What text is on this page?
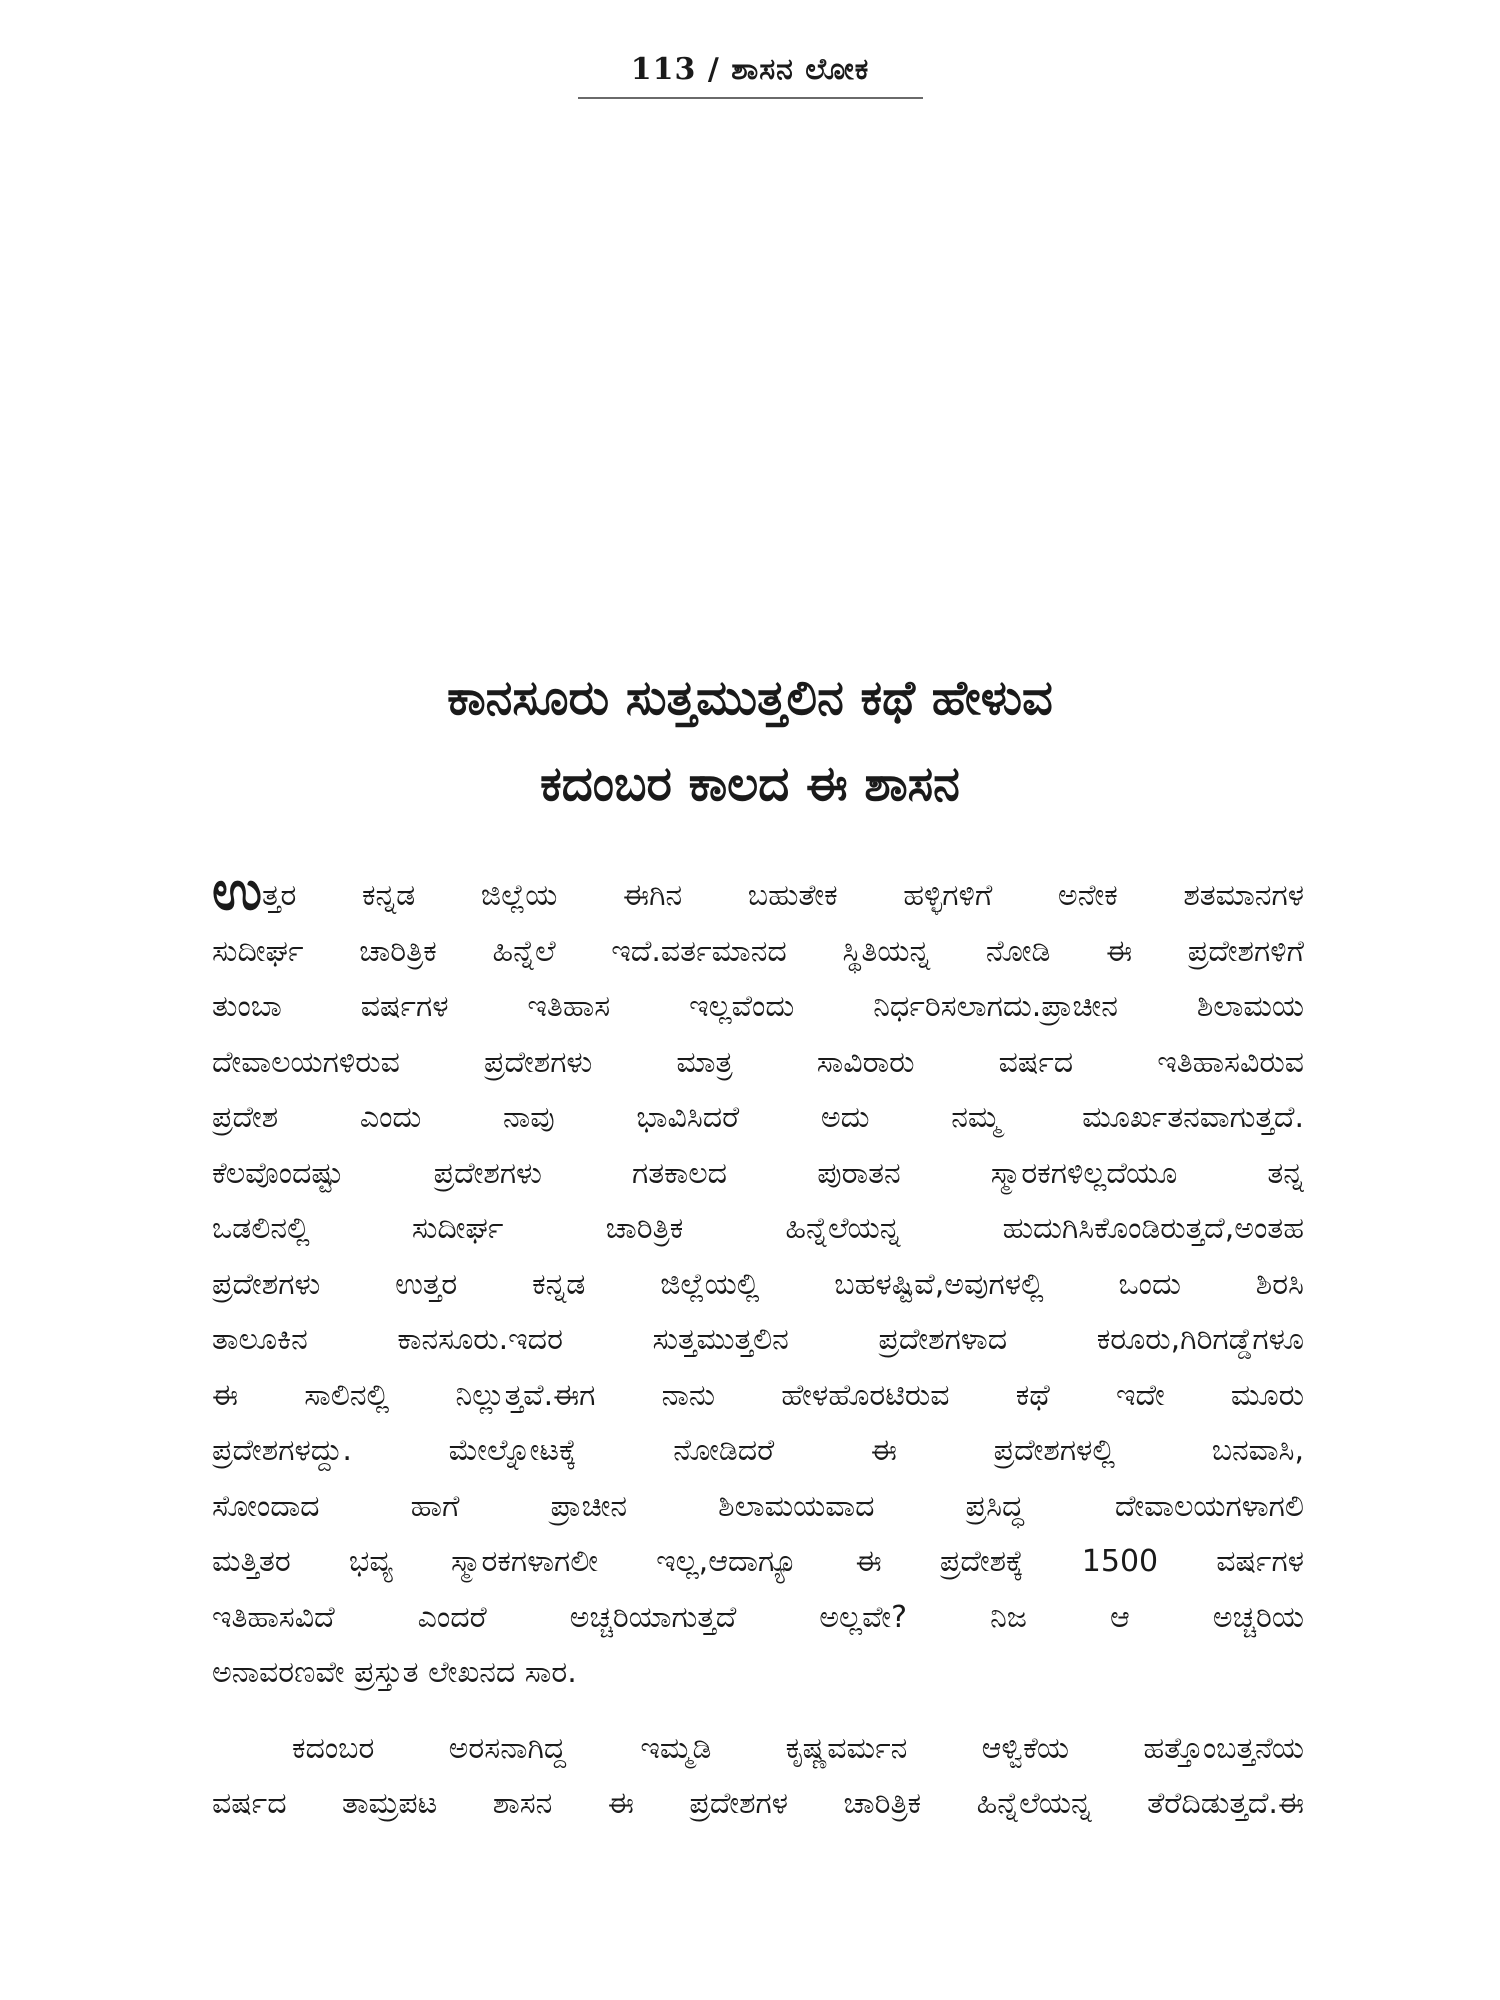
113 / ಶಾಸನ ಲೋಕ
ಕಾನಸೂರು ಸುತ್ತಮುತ್ತಲಿನ ಕಥೆ ಹೇಳುವ
ಕದಂಬರ ಕಾಲದ ಈ ಶಾಸನ
ಉತ್ತರ ಕನ್ನಡ ಜಿಲ್ಲೆಯ ಈಗಿನ ಬಹುತೇಕ ಹಳ್ಳಿಗಳಿಗೆ ಅನೇಕ ಶತಮಾನಗಳ
ಸುದೀರ್ಘ ಚಾರಿತ್ರಿಕ ಹಿನ್ನೆಲೆ ಇದೆ.ವರ್ತಮಾನದ ಸ್ಥಿತಿಯನ್ನ ನೋಡಿ ಈ ಪ್ರದೇಶಗಳಿಗೆ
ತುಂಬಾ ವರ್ಷಗಳ ಇತಿಹಾಸ ಇಲ್ಲವೆಂದು ನಿರ್ಧರಿಸಲಾಗದು.ಪ್ರಾಚೀನ ಶಿಲಾಮಯ
ದೇವಾಲಯಗಳಿರುವ ಪ್ರದೇಶಗಳು ಮಾತ್ರ ಸಾವಿರಾರು ವರ್ಷದ ಇತಿಹಾಸವಿರುವ
ಪ್ರದೇಶ ಎಂದು ನಾವು ಭಾವಿಸಿದರೆ ಅದು ನಮ್ಮ ಮೂರ್ಖತನವಾಗುತ್ತದೆ.
ಕೆಲವೊಂದಷ್ಟು ಪ್ರದೇಶಗಳು ಗತಕಾಲದ ಪುರಾತನ ಸ್ಮಾರಕಗಳಿಲ್ಲದೆಯೂ ತನ್ನ
ಒಡಲಿನಲ್ಲಿ ಸುದೀರ್ಘ ಚಾರಿತ್ರಿಕ ಹಿನ್ನೆಲೆಯನ್ನ ಹುದುಗಿಸಿಕೊಂಡಿರುತ್ತದೆ,ಅಂತಹ
ಪ್ರದೇಶಗಳು ಉತ್ತರ ಕನ್ನಡ ಜಿಲ್ಲೆಯಲ್ಲಿ ಬಹಳಷ್ಟಿವೆ,ಅವುಗಳಲ್ಲಿ ಒಂದು ಶಿರಸಿ
ತಾಲೂಕಿನ ಕಾನಸೂರು.ಇದರ ಸುತ್ತಮುತ್ತಲಿನ ಪ್ರದೇಶಗಳಾದ ಕರೂರು,ಗಿರಿಗಡ್ಡೆಗಳೂ
ಈ ಸಾಲಿನಲ್ಲಿ ನಿಲ್ಲುತ್ತವೆ.ಈಗ ನಾನು ಹೇಳಹೊರಟಿರುವ ಕಥೆ ಇದೇ ಮೂರು
ಪ್ರದೇಶಗಳದ್ದು. ಮೇಲ್ನೋಟಕ್ಕೆ ನೋಡಿದರೆ ಈ ಪ್ರದೇಶಗಳಲ್ಲಿ ಬನವಾಸಿ,
ಸೋಂದಾದ ಹಾಗೆ ಪ್ರಾಚೀನ ಶಿಲಾಮಯವಾದ ಪ್ರಸಿದ್ಧ ದೇವಾಲಯಗಳಾಗಲಿ
ಮತ್ತಿತರ ಭವ್ಯ ಸ್ಮಾರಕಗಳಾಗಲೀ ಇಲ್ಲ,ಆದಾಗ್ಯೂ ಈ ಪ್ರದೇಶಕ್ಕೆ 1500 ವರ್ಷಗಳ
ಇತಿಹಾಸವಿದೆ ಎಂದರೆ ಅಚ್ಚರಿಯಾಗುತ್ತದೆ ಅಲ್ಲವೇ? ನಿಜ ಆ ಅಚ್ಚರಿಯ
ಅನಾವರಣವೇ ಪ್ರಸ್ತುತ ಲೇಖನದ ಸಾರ.
ಕದಂಬರ ಅರಸನಾಗಿದ್ದ ಇಮ್ಮಡಿ ಕೃಷ್ಣವರ್ಮನ ಆಳ್ವಿಕೆಯ ಹತ್ತೊಂಬತ್ತನೆಯ
ವರ್ಷದ ತಾಮ್ರಪಟ ಶಾಸನ ಈ ಪ್ರದೇಶಗಳ ಚಾರಿತ್ರಿಕ ಹಿನ್ನೆಲೆಯನ್ನ ತೆರೆದಿಡುತ್ತದೆ.ಈ
